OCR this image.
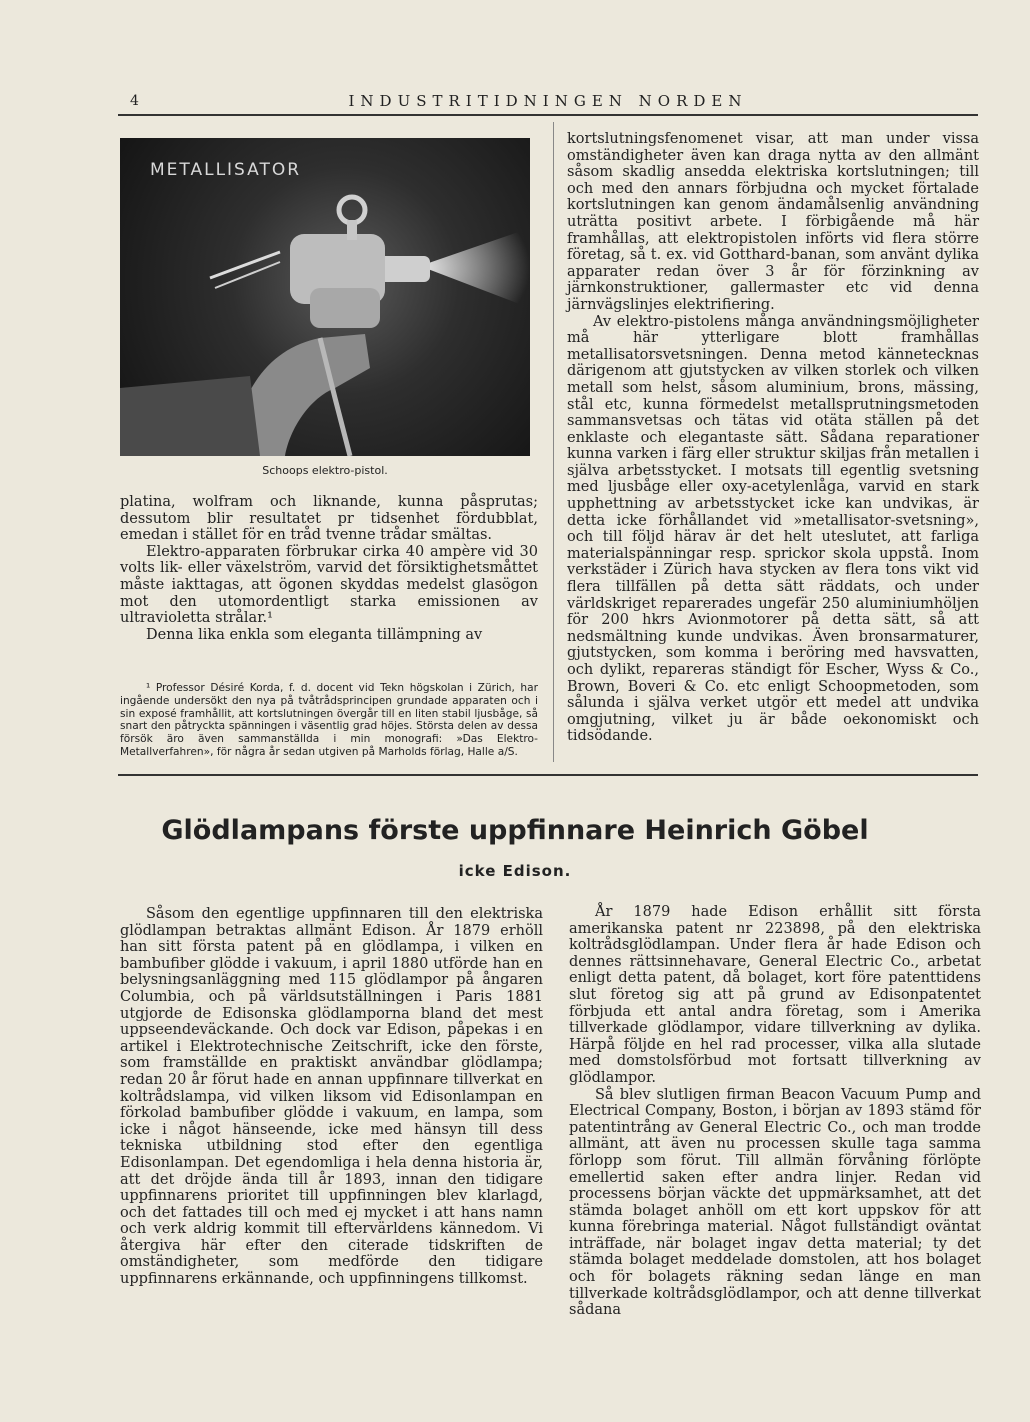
4	INDUSTRITIDNINGEN NORDEN
METALLISATOR
Schoops elektro-pistol.

platina, wolfram och liknande, kunna påsprutas; dessutom blir resultatet pr tidsenhet fördubblat, emedan i stället för en tråd tvenne trådar smältas.

Elektro-apparaten förbrukar cirka 40 ampère vid 30 volts lik- eller växelström, varvid det försiktighetsmåttet måste iakttagas, att ögonen skyddas medelst glasögon mot den utomordentligt starka emissionen av ultravioletta strålar.¹

Denna lika enkla som eleganta tillämpning av

¹ Professor Désiré Korda, f. d. docent vid Tekn högskolan i Zürich, har ingående undersökt den nya på tvåtrådsprincipen grundade apparaten och i sin exposé framhållit, att kortslutningen övergår till en liten stabil ljusbåge, så snart den påtryckta spänningen i väsentlig grad höjes. Största delen av dessa försök äro även sammanställda i min monografi: »Das Elektro-Metallverfahren», för några år sedan utgiven på Marholds förlag, Halle a/S.

kortslutningsfenomenet visar, att man under vissa omständigheter även kan draga nytta av den allmänt såsom skadlig ansedda elektriska kortslutningen; till och med den annars förbjudna och mycket förtalade kortslutningen kan genom ändamålsenlig användning uträtta positivt arbete. I förbigående må här framhållas, att elektropistolen införts vid flera större företag, så t. ex. vid Gotthard-banan, som använt dylika apparater redan över 3 år för förzinkning av järnkonstruktioner, gallermaster etc vid denna järnvägslinjes elektrifiering.

Av elektro-pistolens många användningsmöjligheter må här ytterligare blott framhållas metallisatorsvetsningen. Denna metod kännetecknas därigenom att gjutstycken av vilken storlek och vilken metall som helst, såsom aluminium, brons, mässing, stål etc, kunna förmedelst metallsprutningsmetoden sammansvetsas och tätas vid otäta ställen på det enklaste och elegantaste sätt. Sådana reparationer kunna varken i färg eller struktur skiljas från metallen i själva arbetsstycket. I motsats till egentlig svetsning med ljusbåge eller oxy-acetylenlåga, varvid en stark upphettning av arbetsstycket icke kan undvikas, är detta icke förhållandet vid »metallisator-svetsning», och till följd härav är det helt uteslutet, att farliga materialspänningar resp. sprickor skola uppstå. Inom verkstäder i Zürich hava stycken av flera tons vikt vid flera tillfällen på detta sätt räddats, och under världskriget reparerades ungefär 250 aluminiumhöljen för 200 hkrs Avionmotorer på detta sätt, så att nedsmältning kunde undvikas. Även bronsarmaturer, gjutstycken, som komma i beröring med havsvatten, och dylikt, repareras ständigt för Escher, Wyss & Co., Brown, Boveri & Co. etc enligt Schoopmetoden, som sålunda i själva verket utgör ett medel att undvika omgjutning, vilket ju är både oekonomiskt och tidsödande.

Glödlampans förste uppfinnare Heinrich Göbel
icke Edison.

Såsom den egentlige uppfinnaren till den elektriska glödlampan betraktas allmänt Edison. År 1879 erhöll han sitt första patent på en glödlampa, i vilken en bambufiber glödde i vakuum, i april 1880 utförde han en belysningsanläggning med 115 glödlampor på ångaren Columbia, och på världsutställningen i Paris 1881 utgjorde de Edisonska glödlamporna bland det mest uppseendeväckande. Och dock var Edison, påpekas i en artikel i Elektrotechnische Zeitschrift, icke den förste, som framställde en praktiskt användbar glödlampa; redan 20 år förut hade en annan uppfinnare tillverkat en koltrådslampa, vid vilken liksom vid Edisonlampan en förkolad bambufiber glödde i vakuum, en lampa, som icke i något hänseende, icke med hänsyn till dess tekniska utbildning stod efter den egentliga Edisonlampan. Det egendomliga i hela denna historia är, att det dröjde ända till år 1893, innan den tidigare uppfinnarens prioritet till uppfinningen blev klarlagd, och det fattades till och med ej mycket i att hans namn och verk aldrig kommit till eftervärldens kännedom. Vi återgiva här efter den citerade tidskriften de omständigheter, som medförde den tidigare uppfinnarens erkännande, och uppfinningens tillkomst.

År 1879 hade Edison erhållit sitt första amerikanska patent nr 223898, på den elektriska koltrådsglödlampan. Under flera år hade Edison och dennes rättsinnehavare, General Electric Co., arbetat enligt detta patent, då bolaget, kort före patenttidens slut företog sig att på grund av Edisonpatentet förbjuda ett antal andra företag, som i Amerika tillverkade glödlampor, vidare tillverkning av dylika. Härpå följde en hel rad processer, vilka alla slutade med domstolsförbud mot fortsatt tillverkning av glödlampor.

Så blev slutligen firman Beacon Vacuum Pump and Electrical Company, Boston, i början av 1893 stämd för patentintrång av General Electric Co., och man trodde allmänt, att även nu processen skulle taga samma förlopp som förut. Till allmän förvåning förlöpte emellertid saken efter andra linjer. Redan vid processens början väckte det uppmärksamhet, att det stämda bolaget anhöll om ett kort uppskov för att kunna förebringa material. Något fullständigt oväntat inträffade, när bolaget ingav detta material; ty det stämda bolaget meddelade domstolen, att hos bolaget och för bolagets räkning sedan länge en man tillverkade koltrådsglödlampor, och att denne tillverkat sådana
